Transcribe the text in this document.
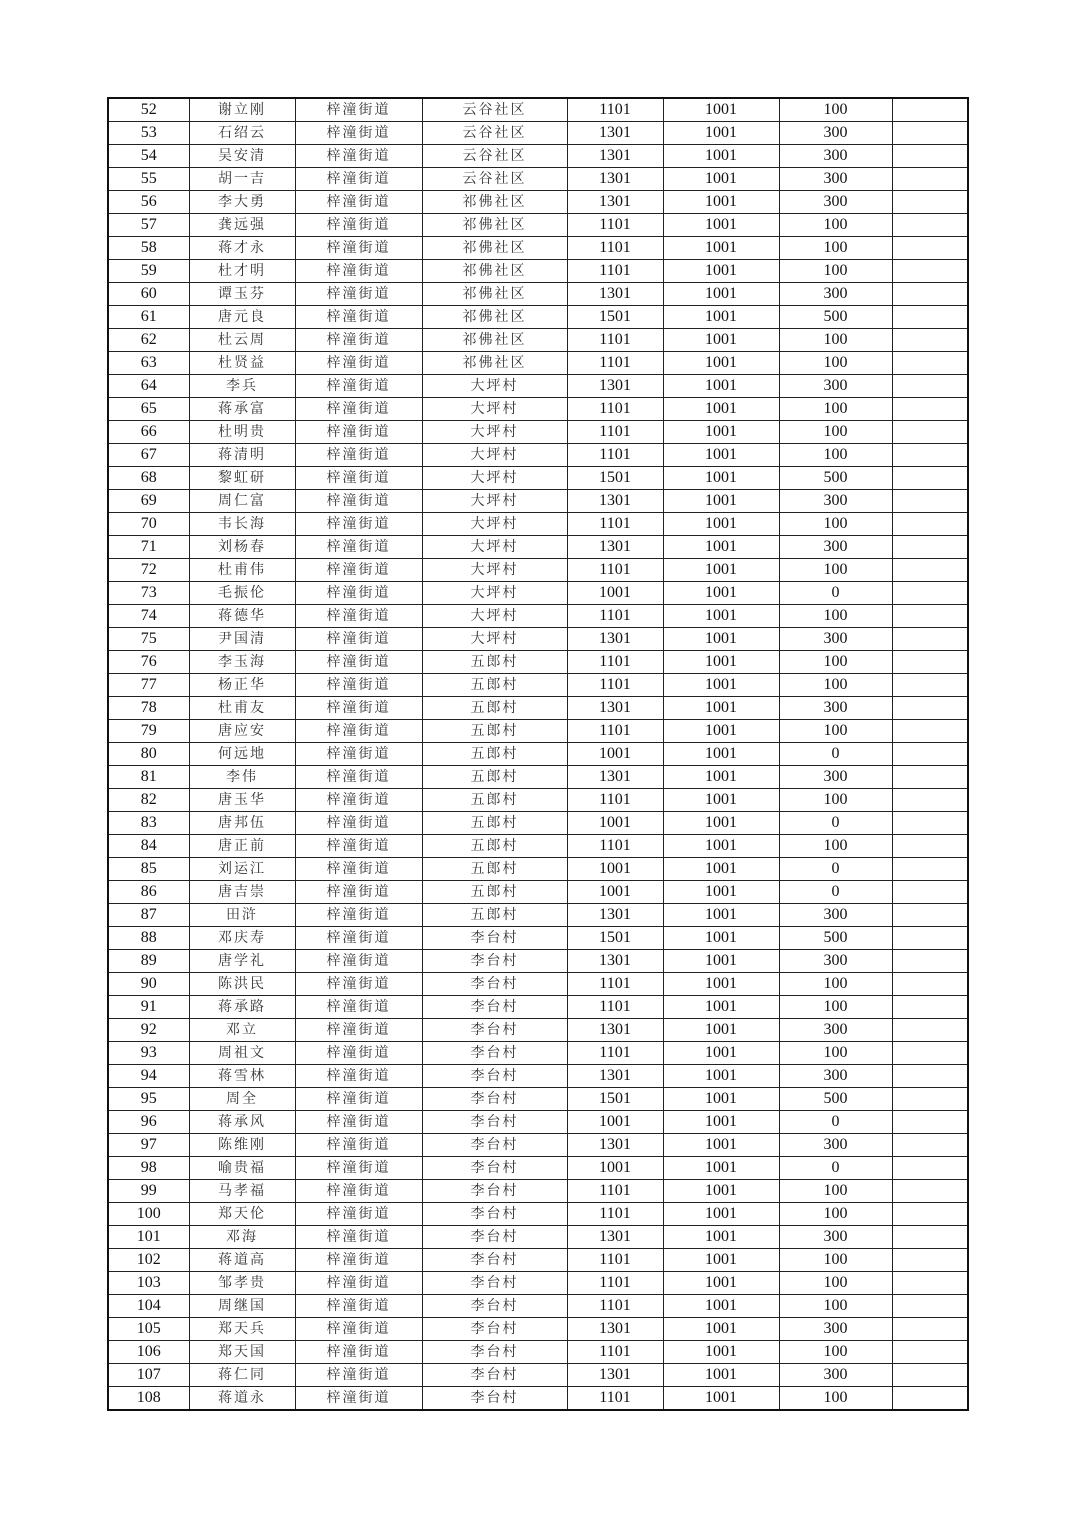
52	谢立刚	梓潼街道	云谷社区	1101	1001	100	
53	石绍云	梓潼街道	云谷社区	1301	1001	300	
54	吴安清	梓潼街道	云谷社区	1301	1001	300	
55	胡一吉	梓潼街道	云谷社区	1301	1001	300	
56	李大勇	梓潼街道	祁佛社区	1301	1001	300	
57	龚远强	梓潼街道	祁佛社区	1101	1001	100	
58	蒋才永	梓潼街道	祁佛社区	1101	1001	100	
59	杜才明	梓潼街道	祁佛社区	1101	1001	100	
60	谭玉芬	梓潼街道	祁佛社区	1301	1001	300	
61	唐元良	梓潼街道	祁佛社区	1501	1001	500	
62	杜云周	梓潼街道	祁佛社区	1101	1001	100	
63	杜贤益	梓潼街道	祁佛社区	1101	1001	100	
64	李兵	梓潼街道	大坪村	1301	1001	300	
65	蒋承富	梓潼街道	大坪村	1101	1001	100	
66	杜明贵	梓潼街道	大坪村	1101	1001	100	
67	蒋清明	梓潼街道	大坪村	1101	1001	100	
68	黎虹研	梓潼街道	大坪村	1501	1001	500	
69	周仁富	梓潼街道	大坪村	1301	1001	300	
70	韦长海	梓潼街道	大坪村	1101	1001	100	
71	刘杨春	梓潼街道	大坪村	1301	1001	300	
72	杜甫伟	梓潼街道	大坪村	1101	1001	100	
73	毛振伦	梓潼街道	大坪村	1001	1001	0	
74	蒋德华	梓潼街道	大坪村	1101	1001	100	
75	尹国清	梓潼街道	大坪村	1301	1001	300	
76	李玉海	梓潼街道	五郎村	1101	1001	100	
77	杨正华	梓潼街道	五郎村	1101	1001	100	
78	杜甫友	梓潼街道	五郎村	1301	1001	300	
79	唐应安	梓潼街道	五郎村	1101	1001	100	
80	何远地	梓潼街道	五郎村	1001	1001	0	
81	李伟	梓潼街道	五郎村	1301	1001	300	
82	唐玉华	梓潼街道	五郎村	1101	1001	100	
83	唐邦伍	梓潼街道	五郎村	1001	1001	0	
84	唐正前	梓潼街道	五郎村	1101	1001	100	
85	刘运江	梓潼街道	五郎村	1001	1001	0	
86	唐吉崇	梓潼街道	五郎村	1001	1001	0	
87	田浒	梓潼街道	五郎村	1301	1001	300	
88	邓庆寿	梓潼街道	李台村	1501	1001	500	
89	唐学礼	梓潼街道	李台村	1301	1001	300	
90	陈洪民	梓潼街道	李台村	1101	1001	100	
91	蒋承路	梓潼街道	李台村	1101	1001	100	
92	邓立	梓潼街道	李台村	1301	1001	300	
93	周祖文	梓潼街道	李台村	1101	1001	100	
94	蒋雪林	梓潼街道	李台村	1301	1001	300	
95	周全	梓潼街道	李台村	1501	1001	500	
96	蒋承风	梓潼街道	李台村	1001	1001	0	
97	陈维刚	梓潼街道	李台村	1301	1001	300	
98	喻贵福	梓潼街道	李台村	1001	1001	0	
99	马孝福	梓潼街道	李台村	1101	1001	100	
100	郑天伦	梓潼街道	李台村	1101	1001	100	
101	邓海	梓潼街道	李台村	1301	1001	300	
102	蒋道高	梓潼街道	李台村	1101	1001	100	
103	邹孝贵	梓潼街道	李台村	1101	1001	100	
104	周继国	梓潼街道	李台村	1101	1001	100	
105	郑天兵	梓潼街道	李台村	1301	1001	300	
106	郑天国	梓潼街道	李台村	1101	1001	100	
107	蒋仁同	梓潼街道	李台村	1301	1001	300	
108	蒋道永	梓潼街道	李台村	1101	1001	100	
